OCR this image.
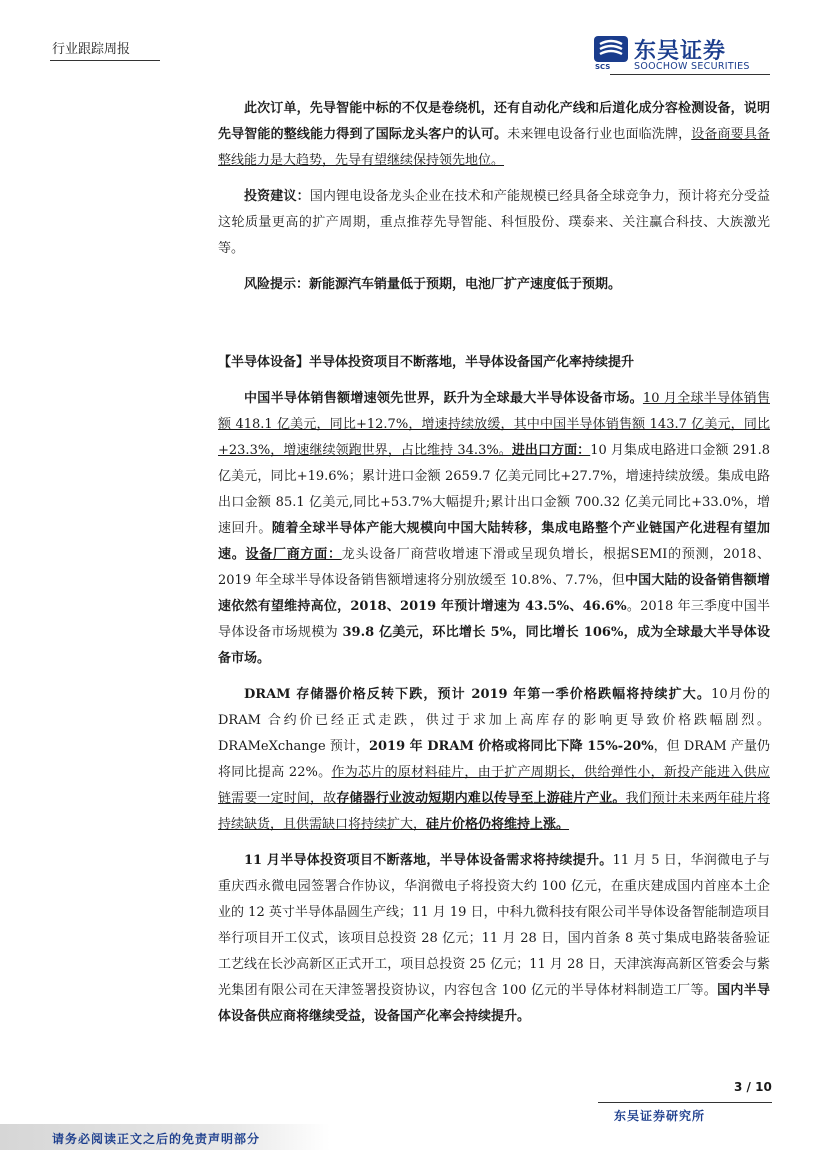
行业跟踪周报
SCS
东吴证券
SOOCHOW SECURITIES

此次订单，先导智能中标的不仅是卷绕机，还有自动化产线和后道化成分容检测设备，说明先导智能的整线能力得到了国际龙头客户的认可。未来锂电设备行业也面临洗牌，设备商要具备整线能力是大趋势，先导有望继续保持领先地位。

投资建议：国内锂电设备龙头企业在技术和产能规模已经具备全球竞争力，预计将充分受益这轮质量更高的扩产周期，重点推荐先导智能、科恒股份、璞泰来、关注赢合科技、大族激光等。

风险提示：新能源汽车销量低于预期，电池厂扩产速度低于预期。

【半导体设备】半导体投资项目不断落地，半导体设备国产化率持续提升

中国半导体销售额增速领先世界，跃升为全球最大半导体设备市场。10 月全球半导体销售额 418.1 亿美元，同比+12.7%，增速持续放缓，其中中国半导体销售额 143.7 亿美元，同比+23.3%，增速继续领跑世界，占比维持 34.3%。进出口方面：10 月集成电路进口金额 291.8 亿美元，同比+19.6%；累计进口金额 2659.7 亿美元同比+27.7%，增速持续放缓。集成电路出口金额 85.1 亿美元,同比+53.7%大幅提升;累计出口金额 700.32 亿美元同比+33.0%，增速回升。随着全球半导体产能大规模向中国大陆转移，集成电路整个产业链国产化进程有望加速。设备厂商方面：龙头设备厂商营收增速下滑或呈现负增长，根据SEMI的预测，2018、2019 年全球半导体设备销售额增速将分别放缓至 10.8%、7.7%，但中国大陆的设备销售额增速依然有望维持高位，2018、2019 年预计增速为 43.5%、46.6%。2018 年三季度中国半导体设备市场规模为 39.8 亿美元，环比增长 5%，同比增长 106%，成为全球最大半导体设备市场。

DRAM 存储器价格反转下跌，预计 2019 年第一季价格跌幅将持续扩大。10月份的 DRAM 合约价已经正式走跌，供过于求加上高库存的影响更导致价格跌幅剧烈。DRAMeXchange 预计，2019 年 DRAM 价格或将同比下降 15%-20%，但 DRAM 产量仍将同比提高 22%。作为芯片的原材料硅片，由于扩产周期长，供给弹性小，新投产能进入供应链需要一定时间，故存储器行业波动短期内难以传导至上游硅片产业。我们预计未来两年硅片将持续缺货，且供需缺口将持续扩大，硅片价格仍将维持上涨。

11 月半导体投资项目不断落地，半导体设备需求将持续提升。11 月 5 日，华润微电子与重庆西永微电园签署合作协议，华润微电子将投资大约 100 亿元，在重庆建成国内首座本土企业的 12 英寸半导体晶圆生产线；11 月 19 日，中科九微科技有限公司半导体设备智能制造项目举行项目开工仪式，该项目总投资 28 亿元；11 月 28 日，国内首条 8 英寸集成电路装备验证工艺线在长沙高新区正式开工，项目总投资 25 亿元；11 月 28 日，天津滨海高新区管委会与紫光集团有限公司在天津签署投资协议，内容包含 100 亿元的半导体材料制造工厂等。国内半导体设备供应商将继续受益，设备国产化率会持续提升。

3 / 10
东吴证券研究所
请务必阅读正文之后的免责声明部分
